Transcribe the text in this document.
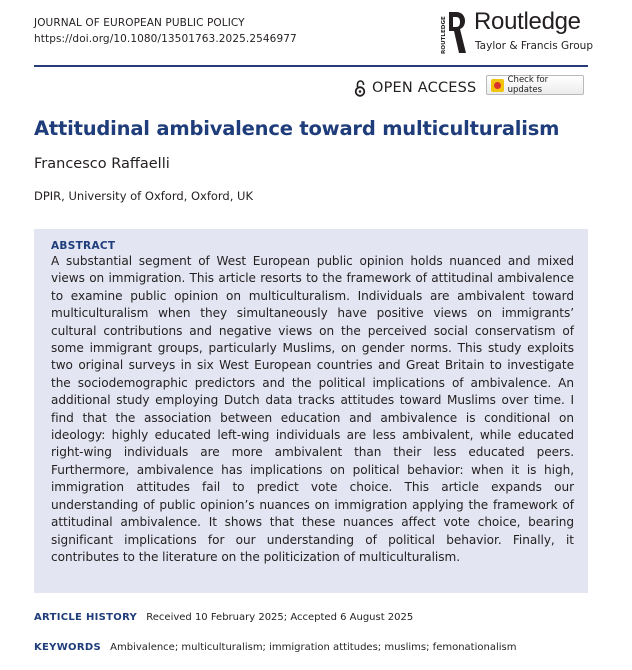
JOURNAL OF EUROPEAN PUBLIC POLICY
https://doi.org/10.1080/13501763.2025.2546977	ROUTLEDGE Routledge
Taylor & Francis Group
OPEN ACCESS	Check for updates
Attitudinal ambivalence toward multiculturalism
Francesco Raffaelli
DPIR, University of Oxford, Oxford, UK
ABSTRACT
A substantial segment of West European public opinion holds nuanced and mixed views on immigration. This article resorts to the framework of attitudinal ambivalence to examine public opinion on multiculturalism. Individuals are ambivalent toward multiculturalism when they simultaneously have positive views on immigrants’ cultural contributions and negative views on the perceived social conservatism of some immigrant groups, particularly Muslims, on gender norms. This study exploits two original surveys in six West European countries and Great Britain to investigate the sociodemographic predictors and the political implications of ambivalence. An additional study employing Dutch data tracks attitudes toward Muslims over time. I find that the association between education and ambivalence is conditional on ideology: highly educated left-wing individuals are less ambivalent, while educated right-wing individuals are more ambivalent than their less educated peers. Furthermore, ambivalence has implications on political behavior: when it is high, immigration attitudes fail to predict vote choice. This article expands our understanding of public opinion’s nuances on immigration applying the framework of attitudinal ambivalence. It shows that these nuances affect vote choice, bearing significant implications for our understanding of political behavior. Finally, it contributes to the literature on the politicization of multiculturalism.
ARTICLE HISTORY Received 10 February 2025; Accepted 6 August 2025
KEYWORDS Ambivalence; multiculturalism; immigration attitudes; muslims; femonationalism
